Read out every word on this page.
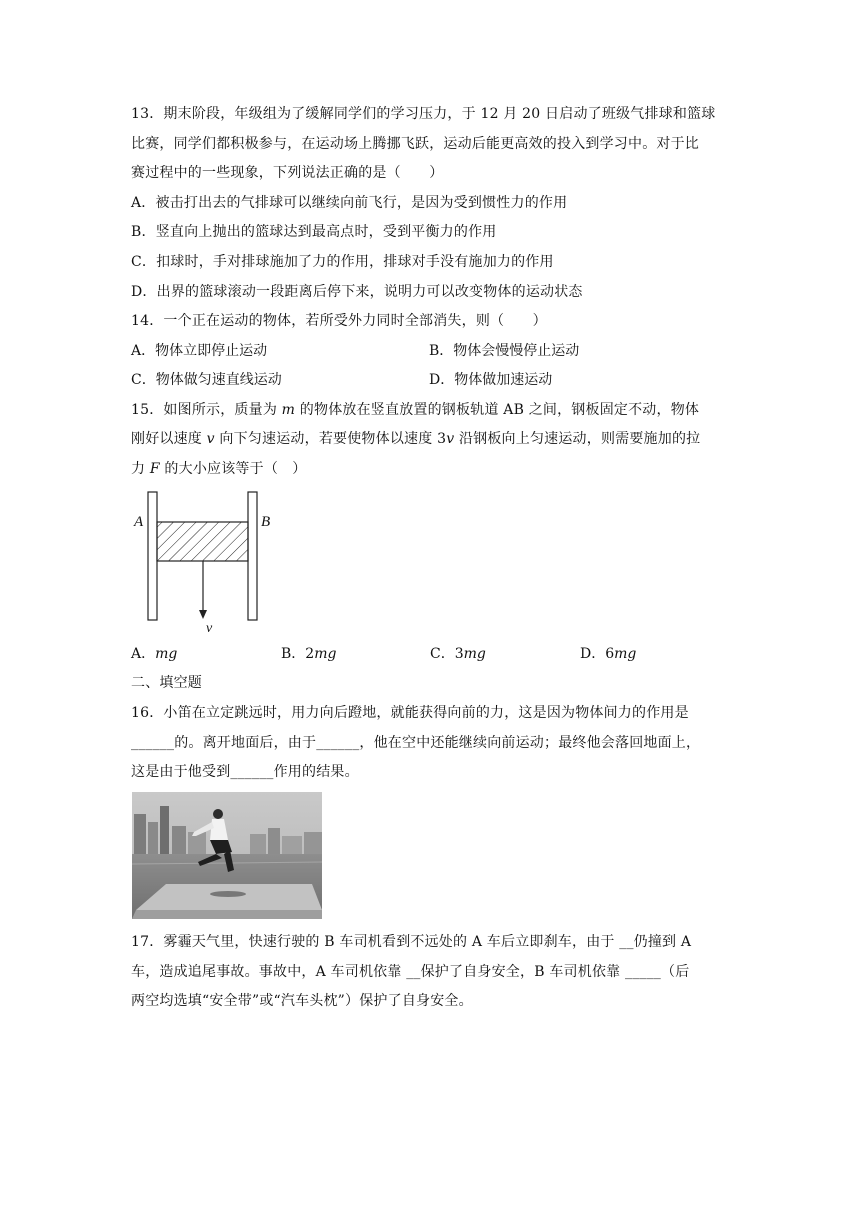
13．期末阶段，年级组为了缓解同学们的学习压力，于 12 月 20 日启动了班级气排球和篮球
比赛，同学们都积极参与，在运动场上腾挪飞跃，运动后能更高效的投入到学习中。对于比
赛过程中的一些现象，下列说法正确的是（　　）
A．被击打出去的气排球可以继续向前飞行，是因为受到惯性力的作用
B．竖直向上抛出的篮球达到最高点时，受到平衡力的作用
C．扣球时，手对排球施加了力的作用，排球对手没有施加力的作用
D．出界的篮球滚动一段距离后停下来，说明力可以改变物体的运动状态
14．一个正在运动的物体，若所受外力同时全部消失，则（　　）
A．物体立即停止运动	B．物体会慢慢停止运动
C．物体做匀速直线运动	D．物体做加速运动
15．如图所示，质量为 m 的物体放在竖直放置的钢板轨道 AB 之间，钢板固定不动，物体
刚好以速度 v 向下匀速运动，若要使物体以速度 3v 沿钢板向上匀速运动，则需要施加的拉
力 F 的大小应该等于（　）
A	B
v
A．mg	B．2mg	C．3mg	D．6mg
二、填空题
16．小笛在立定跳远时，用力向后蹬地，就能获得向前的力，这是因为物体间力的作用是
______的。离开地面后，由于______，他在空中还能继续向前运动；最终他会落回地面上，
这是由于他受到______作用的结果。
17．雾霾天气里，快速行驶的 B 车司机看到不远处的 A 车后立即刹车，由于 __仍撞到 A
车，造成追尾事故。事故中，A 车司机依靠 __保护了自身安全，B 车司机依靠 _____（后
两空均选填“安全带”或“汽车头枕”）保护了自身安全。
